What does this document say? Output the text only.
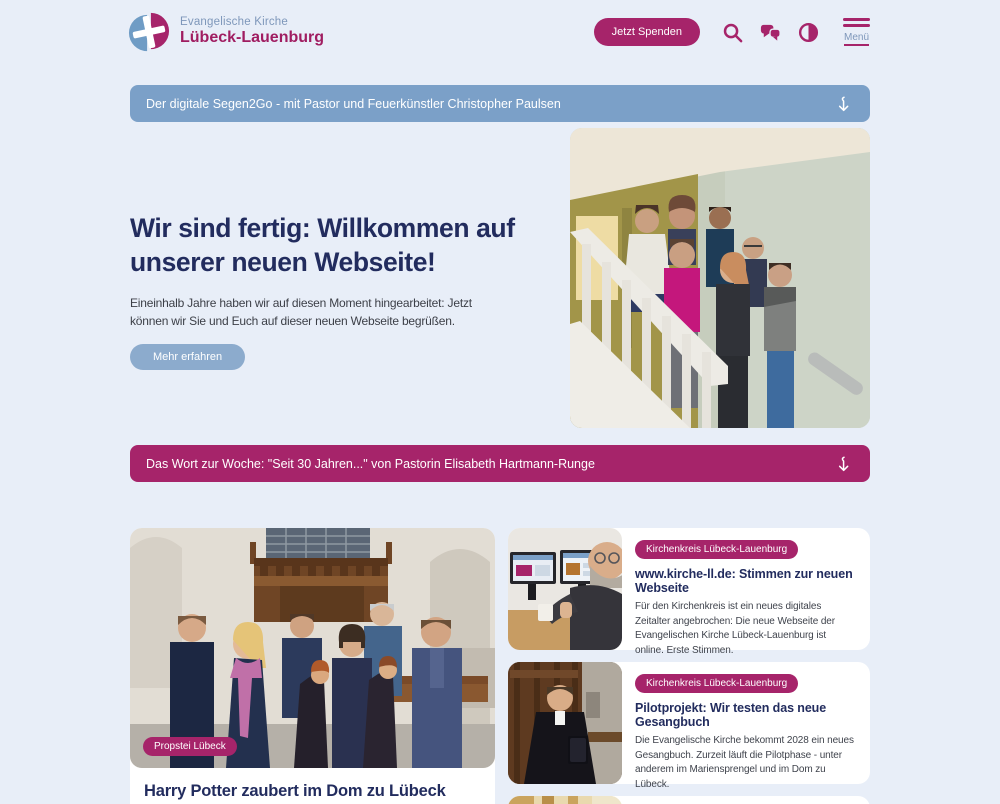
Evangelische Kirche
Lübeck-Lauenburg	Jetzt Spenden	Menü
Der digitale Segen2Go - mit Pastor und Feuerkünstler Christopher Paulsen
Wir sind fertig: Willkommen auf unserer neuen Webseite!

Eineinhalb Jahre haben wir auf diesen Moment hingearbeitet: Jetzt können wir Sie und Euch auf dieser neuen Webseite begrüßen.

Mehr erfahren
Das Wort zur Woche: "Seit 30 Jahren..." von Pastorin Elisabeth Hartmann-Runge
Propstei Lübeck
Harry Potter zaubert im Dom zu Lübeck
Kirchenkreis Lübeck-Lauenburg
www.kirche-ll.de: Stimmen zur neuen Webseite

Für den Kirchenkreis ist ein neues digitales Zeitalter angebrochen: Die neue Webseite der Evangelischen Kirche Lübeck-Lauenburg ist online. Erste Stimmen.

Kirchenkreis Lübeck-Lauenburg
Pilotprojekt: Wir testen das neue Gesangbuch

Die Evangelische Kirche bekommt 2028 ein neues Gesangbuch. Zurzeit läuft die Pilotphase - unter anderem im Mariensprengel und im Dom zu Lübeck.
